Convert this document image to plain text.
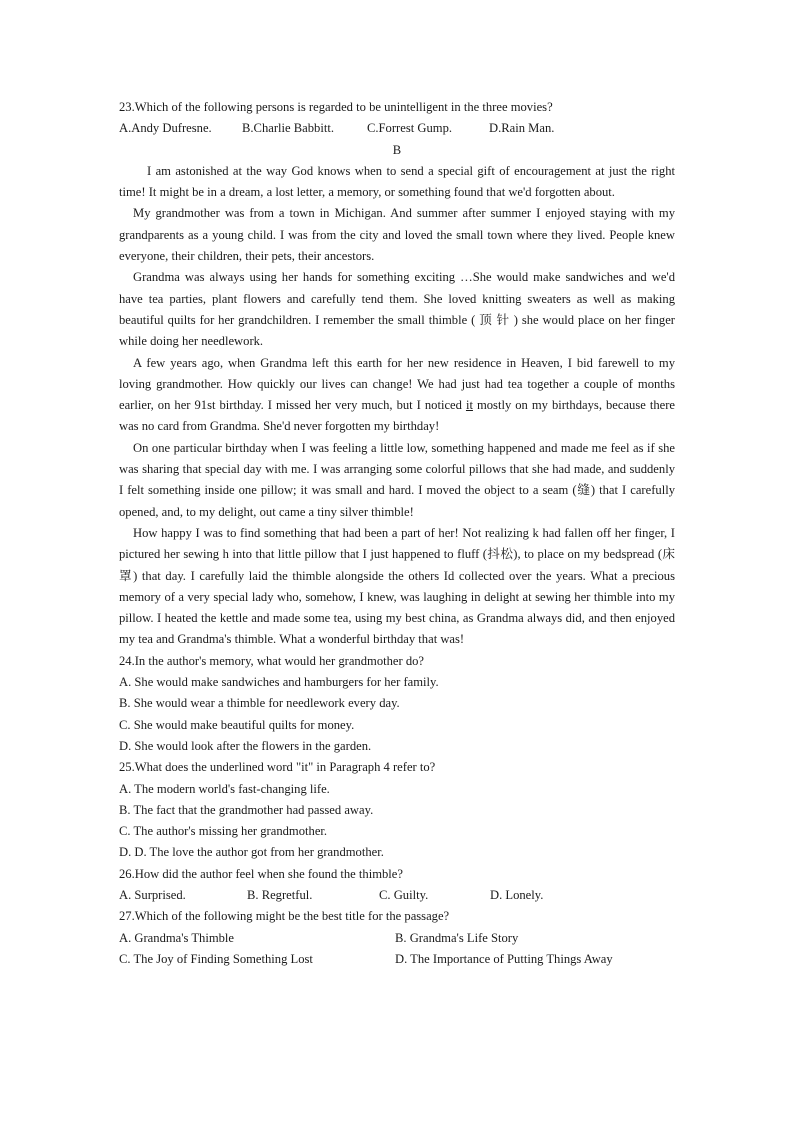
23.Which of the following persons is regarded to be unintelligent in the three movies?

A.Andy Dufresne.	B.Charlie Babbitt.	C.Forrest Gump.	D.Rain Man.

B

I am astonished at the way God knows when to send a special gift of encouragement at just the right time! It might be in a dream, a lost letter, a memory, or something found that we'd forgotten about.

My grandmother was from a town in Michigan. And summer after summer I enjoyed staying with my grandparents as a young child. I was from the city and loved the small town where they lived. People knew everyone, their children, their pets, their ancestors.

Grandma was always using her hands for something exciting …She would make sandwiches and we'd have tea parties, plant flowers and carefully tend them. She loved knitting sweaters as well as making beautiful quilts for her grandchildren. I remember the small thimble ( 顶 针 ) she would place on her finger while doing her needlework.

A few years ago, when Grandma left this earth for her new residence in Heaven, I bid farewell to my loving grandmother. How quickly our lives can change! We had just had tea together a couple of months earlier, on her 91st birthday. I missed her very much, but I noticed it mostly on my birthdays, because there was no card from Grandma. She'd never forgotten my birthday!

On one particular birthday when I was feeling a little low, something happened and made me feel as if she was sharing that special day with me. I was arranging some colorful pillows that she had made, and suddenly I felt something inside one pillow; it was small and hard. I moved the object to a seam (缝) that I carefully opened, and, to my delight, out came a tiny silver thimble!

How happy I was to find something that had been a part of her! Not realizing k had fallen off her finger, I pictured her sewing h into that little pillow that I just happened to fluff (抖松), to place on my bedspread (床罩) that day. I carefully laid the thimble alongside the others Id collected over the years. What a precious memory of a very special lady who, somehow, I knew, was laughing in delight at sewing her thimble into my pillow. I heated the kettle and made some tea, using my best china, as Grandma always did, and then enjoyed my tea and Grandma's thimble. What a wonderful birthday that was!

24.In the author's memory, what would her grandmother do?

A. She would make sandwiches and hamburgers for her family.

B. She would wear a thimble for needlework every day.

C. She would make beautiful quilts for money.

D. She would look after the flowers in the garden.

25.What does the underlined word "it" in Paragraph 4 refer to?

A. The modern world's fast-changing life.

B. The fact that the grandmother had passed away.

C. The author's missing her grandmother.

D. D. The love the author got from her grandmother.

26.How did the author feel when she found the thimble?

A. Surprised.	B. Regretful.	C. Guilty.	D. Lonely.

27.Which of the following might be the best title for the passage?

A. Grandma's Thimble	B. Grandma's Life Story
C. The Joy of Finding Something Lost	D. The Importance of Putting Things Away
